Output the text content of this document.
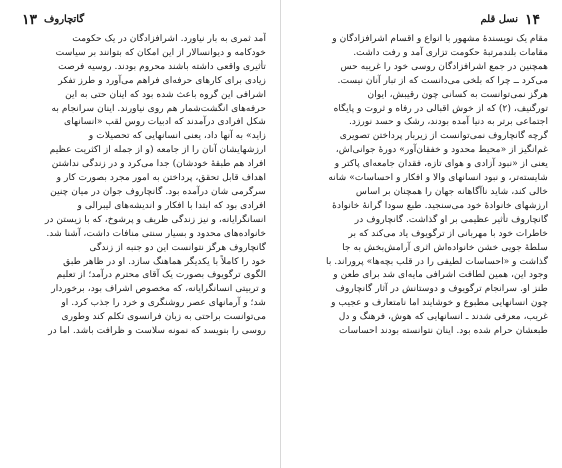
۱۳ گاتچاروف

آمد ثمری به بار نیاورد. اشرافزادگان در یک حکومت

خودکامه و دیوانسالار از این امکان که بتوانند بر سیاست

تأثیری واقعی داشته باشند محروم بودند. روسیه فرصت

زیادی برای کارهای حرفه‌ای فراهم می‌آورد و طرز تفکر

اشرافی این گروه باعث شده بود که اینان حتی به این

حرفه‌های انگشت‌شمار هم روی نیاورند. اینان سرانجام به

شکل افرادی درآمدند که ادبیات روس لقب «انسانهای

زاید» به آنها داد، یعنی انسانهایی که تحصیلات و

ارزشهایشان آنان را از جامعه (و از جمله از اکثریت عظیم

افراد هم طبقهٔ خودشان) جدا می‌کرد و در زندگی نداشتن

اهداف قابل تحقق، پرداختن به امور مجرد بصورت کار و

سرگرمی شان درآمده بود. گانچاروف جوان در میان چنین

افرادی بود که ابتدا با افکار و اندیشه‌های لیبرالی و

انسانگرایانه، و نیز زندگی ظریف و پرشوخ، که با زیستن در

خانواده‌های محدود و بسیار سنتی منافات داشت، آشنا شد.

گانچاروف هرگز نتوانست این دو جنبه از زندگی

خود را کاملاً با یکدیگر هماهنگ سازد. او در ظاهر طبق

الگوی ترگویوف بصورت یک آقای محترم درآمد؛ از تعلیم

و تربیتی انسانگرایانه، که مخصوص اشراف بود، برخوردار

شد؛ و آرمانهای عصر روشنگری و خرد را جذب کرد. او

می‌توانست براحتی به زبان فرانسوی تکلم کند وطوری

روسی را بنویسد که نمونه سلاست و ظرافت باشد. اما در

۱۴
نسل قلم

مقام یک نویسندهٔ مشهور با انواع و اقسام اشرافزادگان و

مقامات بلندمرتبهٔ حکومت تزاری آمد و رفت داشت.

همچنین در جمع اشرافزادگان روسی خود را غریبه حس

می‌کرد ــ چرا که بلخی می‌دانست که از تبار آنان نیست.

هرگز نمی‌توانست به کسانی چون رقیبش، ایوان

تورگنیف، (۲) که از خوش اقبالی در رفاه و ثروت و پایگاه

اجتماعی برتر به دنیا آمده بودند، رشک و حسد نورزد.

گرچه گانچاروف نمی‌توانست از زیربار پرداختن تصویری

غم‌انگیز از «محیط محدود و خفقان‌آور» دورهٔ جوانی‌اش،

یعنی از «نبود آزادی و هوای تازه، فقدان جامعه‌ای پاکتر و

شایسته‌تر، و نبود انسانهای والا و افکار و احساسات» شانه

خالی کند، شاید ناآگاهانه جهان را همچنان بر اساس

ارزشهای خانوادهٔ خود می‌سنجید. طبع سودا گرانهٔ خانوادهٔ

گانچاروف تأثیر عظیمی بر او گذاشت. گانچاروف در

خاطرات خود با مهربانی از ترگویوف یاد می‌کند که بر

سلطهٔ جویی خشن خانواده‌اش اثری آرامش‌بخش به جا

گذاشت و «احساسات لطیفی را در قلب بچه‌ها» پروراند. با

وجود این، همین لطافت اشرافی مایه‌ای شد برای طعن و

طنز او. سرانجام ترگویوف و دوستانش در آثار گانچاروف

چون انسانهایی مطبوع و خوشایند اما نامتعارف و عجیب و

غریب، معرفی شدند ـ انسانهایی که هوش، فرهنگ و دل

طبعشان حرام شده بود. اینان نتوانسته بودند احساسات
